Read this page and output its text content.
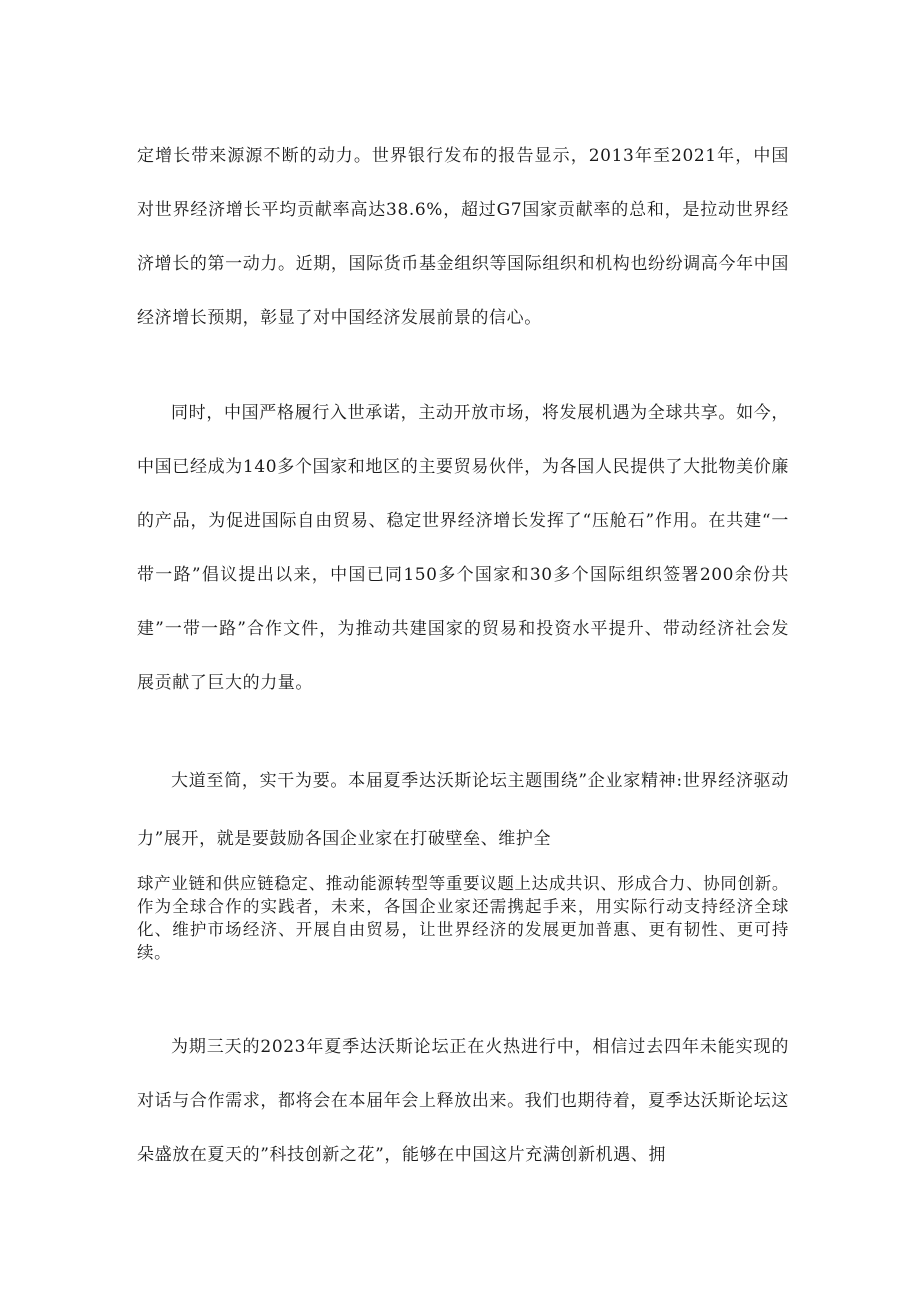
定增长带来源源不断的动力。世界银行发布的报告显示，2013年至2021年，中国对世界经济增长平均贡献率高达38.6%，超过G7国家贡献率的总和，是拉动世界经济增长的第一动力。近期，国际货币基金组织等国际组织和机构也纷纷调高今年中国经济增长预期，彰显了对中国经济发展前景的信心。

同时，中国严格履行入世承诺，主动开放市场，将发展机遇为全球共享。如今，中国已经成为140多个国家和地区的主要贸易伙伴，为各国人民提供了大批物美价廉的产品，为促进国际自由贸易、稳定世界经济增长发挥了“压舱石”作用。在共建“一带一路”倡议提出以来，中国已同150多个国家和30多个国际组织签署200余份共建”一带一路”合作文件，为推动共建国家的贸易和投资水平提升、带动经济社会发展贡献了巨大的力量。

大道至简，实干为要。本届夏季达沃斯论坛主题围绕”企业家精神:世界经济驱动力”展开，就是要鼓励各国企业家在打破壁垒、维护全

球产业链和供应链稳定、推动能源转型等重要议题上达成共识、形成合力、协同创新。作为全球合作的实践者，未来，各国企业家还需携起手来，用实际行动支持经济全球化、维护市场经济、开展自由贸易，让世界经济的发展更加普惠、更有韧性、更可持续。

为期三天的2023年夏季达沃斯论坛正在火热进行中，相信过去四年未能实现的对话与合作需求，都将会在本届年会上释放出来。我们也期待着，夏季达沃斯论坛这朵盛放在夏天的”科技创新之花”，能够在中国这片充满创新机遇、拥
